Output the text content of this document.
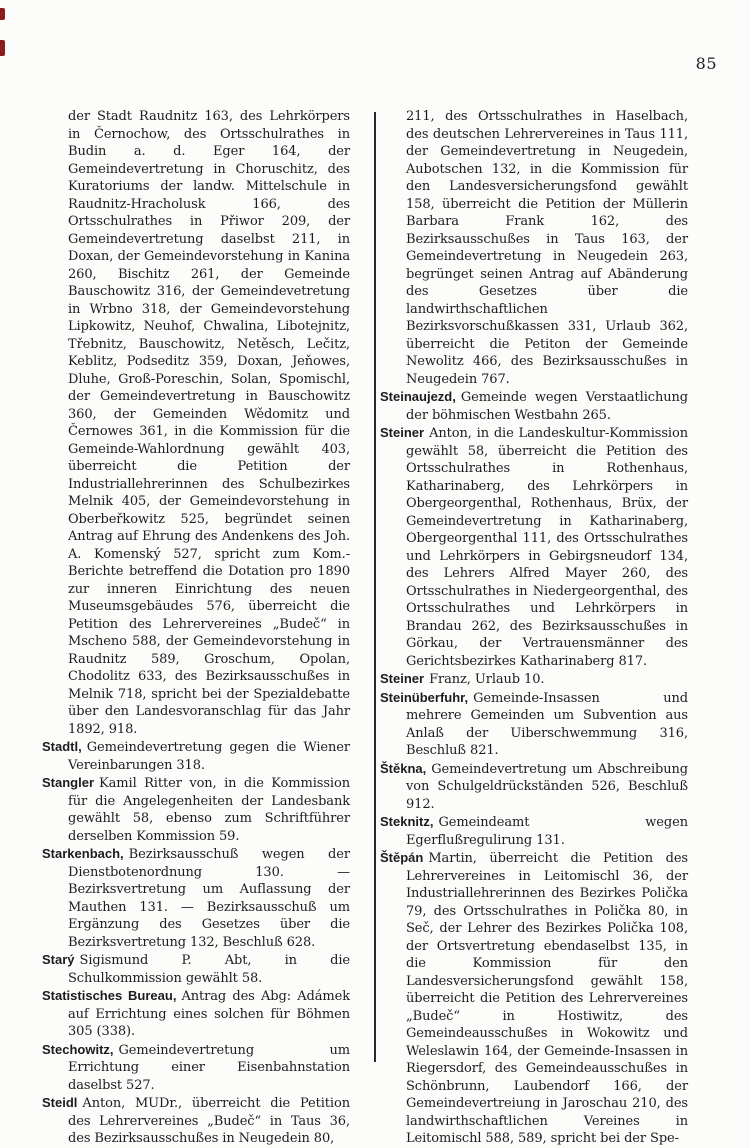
85

der Stadt Raudnitz 163, des Lehrkörpers in Černochow, des Ortsschulrathes in Budin a. d. Eger 164, der Gemeindevertretung in Choruschitz, des Kuratoriums der landw. Mittelschule in Raudnitz-Hracholusk 166, des Ortsschulrathes in Přiwor 209, der Gemeindevertretung daselbst 211, in Doxan, der Gemeindevorstehung in Kanina 260, Bischitz 261, der Gemeinde Bauschowitz 316, der Gemeindevetretung in Wrbno 318, der Gemeindevorstehung Lipkowitz, Neuhof, Chwalina, Libotejnitz, Třebnitz, Bauschowitz, Netěsch, Lečitz, Keblitz, Podseditz 359, Doxan, Jeňowes, Dluhe, Groß-Poreschin, Solan, Spomischl, der Gemeindevertretung in Bauschowitz 360, der Gemeinden Wědomitz und Černowes 361, in die Kommission für die Gemeinde-Wahlordnung gewählt 403, überreicht die Petition der Industriallehrerinnen des Schulbezirkes Melnik 405, der Gemeindevorstehung in Oberbeřkowitz 525, begründet seinen Antrag auf Ehrung des Andenkens des Joh. A. Komenský 527, spricht zum Kom.-Berichte betreffend die Dotation pro 1890 zur inneren Einrichtung des neuen Museumsgebäudes 576, überreicht die Petition des Lehrervereines „Budeč“ in Mscheno 588, der Gemeindevorstehung in Raudnitz 589, Groschum, Opolan, Chodolitz 633, des Bezirksausschußes in Melnik 718, spricht bei der Spezialdebatte über den Landesvoranschlag für das Jahr 1892, 918.

Stadtl, Gemeindevertretung gegen die Wiener Vereinbarungen 318.

Stangler Kamil Ritter von, in die Kommission für die Angelegenheiten der Landesbank gewählt 58, ebenso zum Schriftführer derselben Kommission 59.

Starkenbach, Bezirksausschuß wegen der Dienstbotenordnung 130. — Bezirksvertretung um Auflassung der Mauthen 131. — Bezirksausschuß um Ergänzung des Gesetzes über die Bezirksvertretung 132, Beschluß 628.

Starý Sigismund P. Abt, in die Schulkommission gewählt 58.

Statistisches Bureau, Antrag des Abg: Adámek auf Errichtung eines solchen für Böhmen 305 (338).

Stechowitz, Gemeindevertretung um Errichtung einer Eisenbahnstation daselbst 527.

Steidl Anton, MUDr., überreicht die Petition des Lehrervereines „Budeč“ in Taus 36, des Bezirksausschußes in Neugedein 80,

211, des Ortsschulrathes in Haselbach, des deutschen Lehrervereines in Taus 111, der Gemeindevertretung in Neugedein, Aubotschen 132, in die Kommission für den Landesversicherungsfond gewählt 158, überreicht die Petition der Müllerin Barbara Frank 162, des Bezirksausschußes in Taus 163, der Gemeindevertretung in Neugedein 263, begrünget seinen Antrag auf Abänderung des Gesetzes über die landwirthschaftlichen Bezirksvorschußkassen 331, Urlaub 362, überreicht die Petiton der Gemeinde Newolitz 466, des Bezirksausschußes in Neugedein 767.

Steinaujezd, Gemeinde wegen Verstaatlichung der böhmischen Westbahn 265.

Steiner Anton, in die Landeskultur-Kommission gewählt 58, überreicht die Petition des Ortsschulrathes in Rothenhaus, Katharinaberg, des Lehrkörpers in Obergeorgenthal, Rothenhaus, Brüx, der Gemeindevertretung in Katharinaberg, Obergeorgenthal 111, des Ortsschulrathes und Lehrkörpers in Gebirgsneudorf 134, des Lehrers Alfred Mayer 260, des Ortsschulrathes in Niedergeorgenthal, des Ortsschulrathes und Lehrkörpers in Brandau 262, des Bezirksausschußes in Görkau, der Vertrauensmänner des Gerichtsbezirkes Katharinaberg 817.

Steiner Franz, Urlaub 10.

Steinüberfuhr, Gemeinde-Insassen und mehrere Gemeinden um Subvention aus Anlaß der Uiberschwemmung 316, Beschluß 821.

Štěkna, Gemeindevertretung um Abschreibung von Schulgeldrückständen 526, Beschluß 912.

Steknitz, Gemeindeamt wegen Egerflußregulirung 131.

Štěpán Martin, überreicht die Petition des Lehrervereines in Leitomischl 36, der Industriallehrerinnen des Bezirkes Polička 79, des Ortsschulrathes in Polička 80, in Seč, der Lehrer des Bezirkes Polička 108, der Ortsvertretung ebendaselbst 135, in die Kommission für den Landesversicherungsfond gewählt 158, überreicht die Petition des Lehrervereines „Budeč“ in Hostiwitz, des Gemeindeausschußes in Wokowitz und Weleslawin 164, der Gemeinde-Insassen in Riegersdorf, des Gemeindeausschußes in Schönbrunn, Laubendorf 166, der Gemeindevertreiung in Jaroschau 210, des landwirthschaftlichen Vereines in Leitomischl 588, 589, spricht bei der Spe-
